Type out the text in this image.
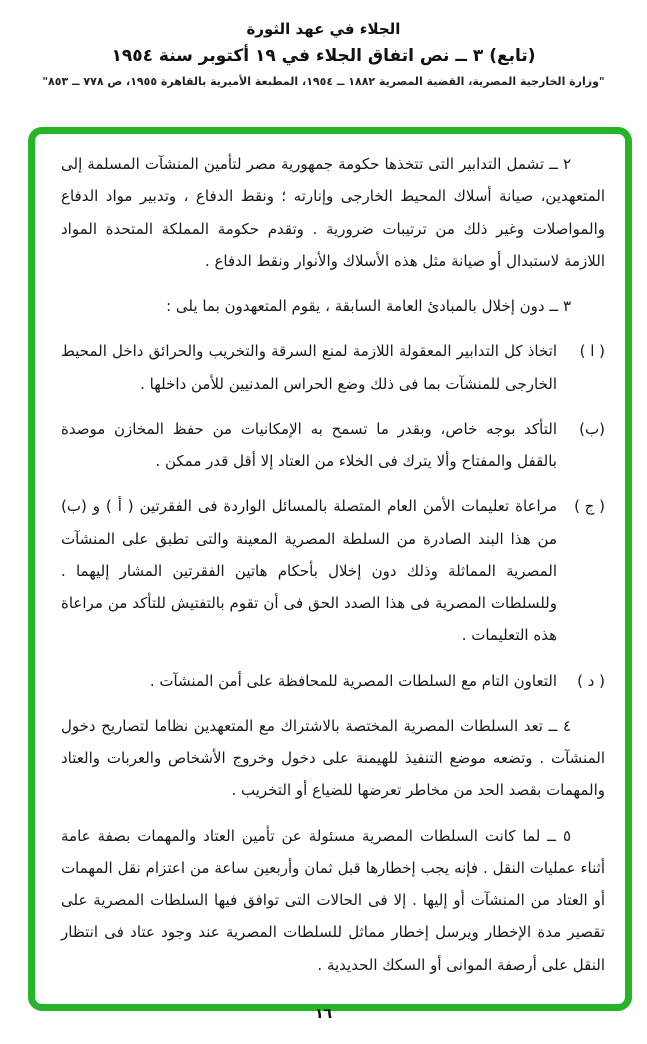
الجلاء في عهد الثورة
(تابع) ٣ ــ نص اتفاق الجلاء في ١٩ أكتوبر سنة ١٩٥٤
"وزارة الخارجية المصرية، القضية المصرية ١٨٨٢ ــ ١٩٥٤، المطبعة الأميرية بالقاهرة ١٩٥٥، ص ٧٧٨ ــ ٨٥٣"

٢ ــ تشمل التدابير التى تتخذها حكومة جمهورية مصر لتأمين المنشآت المسلمة إلى المتعهدين، صيانة أسلاك المحيط الخارجى وإنارته ؛ ونقط الدفاع ، وتدبير مواد الدفاع والمواصلات وغير ذلك من ترتيبات ضرورية . وتقدم حكومة المملكة المتحدة المواد اللازمة لاستبدال أو صيانة مثل هذه الأسلاك والأنوار ونقط الدفاع .

٣ ــ دون إخلال بالمبادئ العامة السابقة ، يقوم المتعهدون بما يلى :

( ا )
اتخاذ كل التدابير المعقولة اللازمة لمنع السرقة والتخريب والحرائق داخل المحيط الخارجى للمنشآت بما فى ذلك وضع الحراس المدنيين للأمن داخلها .
(ب)
التأكد بوجه خاص، وبقدر ما تسمح به الإمكانيات من حفظ المخازن موصدة بالقفل والمفتاح وألا يترك فى الخلاء من العتاد إلا أقل قدر ممكن .
( ج )
مراعاة تعليمات الأمن العام المتصلة بالمسائل الواردة فى الفقرتين ( أ ) و (ب) من هذا البند الصادرة من السلطة المصرية المعينة والتى تطبق على المنشآت المصرية المماثلة وذلك دون إخلال بأحكام هاتين الفقرتين المشار إليهما . وللسلطات المصرية فى هذا الصدد الحق فى أن تقوم بالتفتيش للتأكد من مراعاة هذه التعليمات .
( د )
التعاون التام مع السلطات المصرية للمحافظة على أمن المنشآت .

٤ ــ تعد السلطات المصرية المختصة بالاشتراك مع المتعهدين نظاما لتصاريح دخول المنشآت . وتضعه موضع التنفيذ للهيمنة على دخول وخروج الأشخاص والعربات والعتاد والمهمات بقصد الحد من مخاطر تعرضها للضياع أو التخريب .

٥ ــ لما كانت السلطات المصرية مسئولة عن تأمين العتاد والمهمات بصفة عامة أثناء عمليات النقل . فإنه يجب إخطارها قبل ثمان وأربعين ساعة من اعتزام نقل المهمات أو العتاد من المنشآت أو إليها . إلا فى الحالات التى توافق فيها السلطات المصرية على تقصير مدة الإخطار ويرسل إخطار مماثل للسلطات المصرية عند وجود عتاد فى انتظار النقل على أرصفة الموانى أو السكك الحديدية .

١٦
